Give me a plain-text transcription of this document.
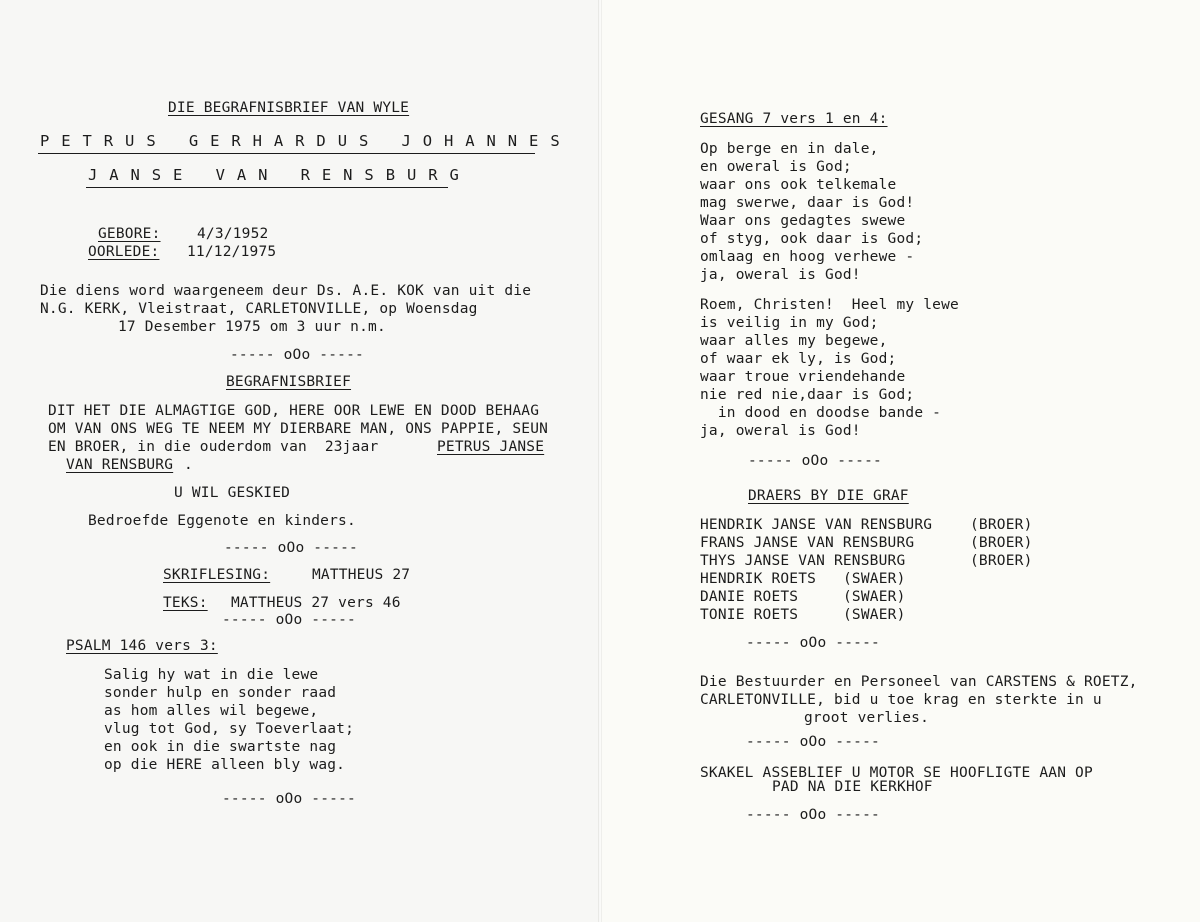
DIE BEGRAFNISBRIEF VAN WYLE
P E T R U S   G E R H A R D U S   J O H A N N E S
J A N S E   V A N   R E N S B U R G
GEBORE:	4/3/1952
OORLEDE: 11/12/1975
Die diens word waargeneem deur Ds. A.E. KOK van uit die
N.G. KERK, Vleistraat, CARLETONVILLE, op Woensdag
17 Desember 1975 om 3 uur n.m.
----- oOo -----
BEGRAFNISBRIEF
DIT HET DIE ALMAGTIGE GOD, HERE OOR LEWE EN DOOD BEHAAG
OM VAN ONS WEG TE NEEM MY DIERBARE MAN, ONS PAPPIE, SEUN
EN BROER, in die ouderdom van  23jaar	PETRUS JANSE
VAN RENSBURG .
U WIL GESKIED
Bedroefde Eggenote en kinders.
----- oOo -----
SKRIFLESING:	MATTHEUS 27
TEKS: MATTHEUS 27 vers 46
----- oOo -----
PSALM 146 vers 3:
Salig hy wat in die lewe
sonder hulp en sonder raad
as hom alles wil begewe,
vlug tot God, sy Toeverlaat;
en ook in die swartste nag
op die HERE alleen bly wag.
----- oOo -----
GESANG 7 vers 1 en 4:
Op berge en in dale,
en oweral is God;
waar ons ook telkemale
mag swerwe, daar is God!
Waar ons gedagtes swewe
of styg, ook daar is God;
omlaag en hoog verhewe -
ja, oweral is God!
Roem, Christen!  Heel my lewe
is veilig in my God;
waar alles my begewe,
of waar ek ly, is God;
waar troue vriendehande
nie red nie,daar is God;
in dood en doodse bande -
ja, oweral is God!
----- oOo -----
DRAERS BY DIE GRAF
HENDRIK JANSE VAN RENSBURG	(BROER)
FRANS JANSE VAN RENSBURG	(BROER)
THYS JANSE VAN RENSBURG	(BROER)
HENDRIK ROETS (SWAER)
DANIE ROETS	(SWAER)
TONIE ROETS	(SWAER)
----- oOo -----
Die Bestuurder en Personeel van CARSTENS & ROETZ,
CARLETONVILLE, bid u toe krag en sterkte in u
groot verlies.
----- oOo -----
SKAKEL ASSEBLIEF U MOTOR SE HOOFLIGTE AAN OP
PAD NA DIE KERKHOF
----- oOo -----
